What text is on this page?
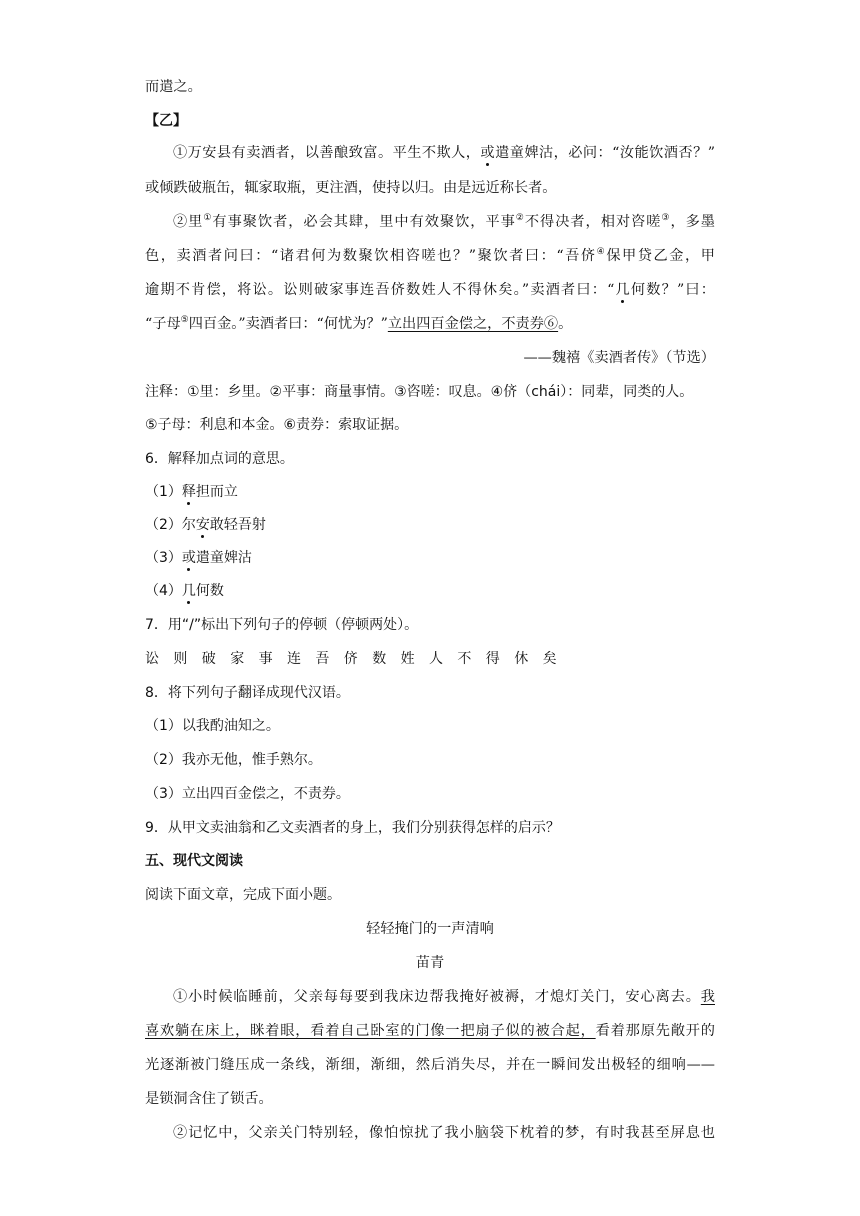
而遣之。
【乙】
①万安县有卖酒者，以善酿致富。平生不欺人，或遣童婢沽，必问：“汝能饮酒否？”
或倾跌破瓶缶，辄家取瓶，更注酒，使持以归。由是远近称长者。
②里①有事聚饮者，必会其肆，里中有效聚饮，平事②不得决者，相对咨嗟③，多墨
色，卖酒者问曰：“诸君何为数聚饮相咨嗟也？”聚饮者曰：“吾侪④保甲贷乙金，甲
逾期不肯偿，将讼。讼则破家事连吾侪数姓人不得休矣。”卖酒者曰：“几何数？”曰：
“子母⑤四百金。”卖酒者曰：“何忧为？”立出四百金偿之，不责券⑥。
——魏禧《卖酒者传》（节选）
注释：①里：乡里。②平事：商量事情。③咨嗟：叹息。④侪（chái）：同辈，同类的人。
⑤子母：利息和本金。⑥责券：索取证据。
6．解释加点词的意思。
（1）释担而立
（2）尔安敢轻吾射
（3）或遣童婢沽
（4）几何数
7．用“/”标出下列句子的停顿（停顿两处）。
讼则破家事连吾侪数姓人不得休矣
8．将下列句子翻译成现代汉语。
（1）以我酌油知之。
（2）我亦无他，惟手熟尔。
（3）立出四百金偿之，不责券。
9．从甲文卖油翁和乙文卖酒者的身上，我们分别获得怎样的启示？
五、现代文阅读
阅读下面文章，完成下面小题。
轻轻掩门的一声清响
苗青
①小时候临睡前，父亲每每要到我床边帮我掩好被褥，才熄灯关门，安心离去。我
喜欢躺在床上，眯着眼，看着自己卧室的门像一把扇子似的被合起，看着那原先敞开的
光逐渐被门缝压成一条线，渐细，渐细，然后消失尽，并在一瞬间发出极轻的细响——
是锁洞含住了锁舌。
②记忆中，父亲关门特别轻，像怕惊扰了我小脑袋下枕着的梦，有时我甚至屏息也
